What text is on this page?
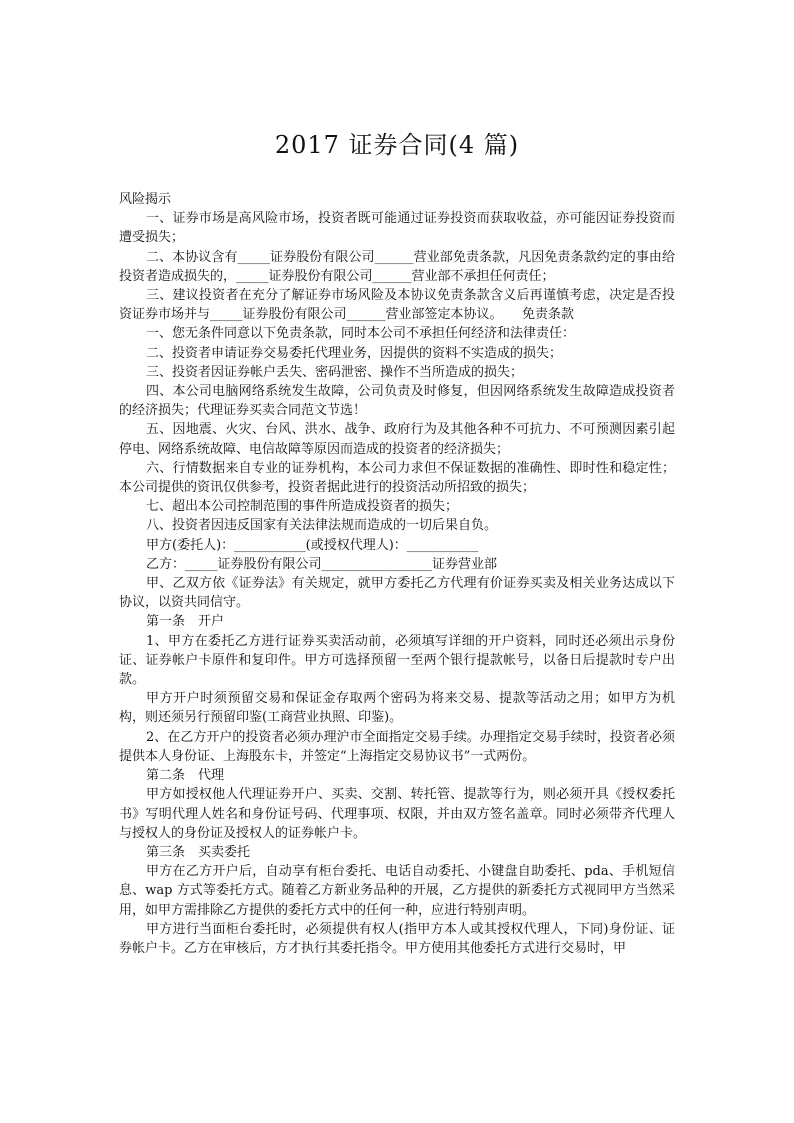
2017 证券合同(4 篇)

风险揭示

一、证券市场是高风险市场，投资者既可能通过证券投资而获取收益，亦可能因证券投资而遭受损失；

二、本协议含有_____证券股份有限公司______营业部免责条款，凡因免责条款约定的事由给投资者造成损失的，_____证券股份有限公司______营业部不承担任何责任；

三、建议投资者在充分了解证券市场风险及本协议免责条款含义后再谨慎考虑，决定是否投资证券市场并与_____证券股份有限公司______营业部签定本协议。　　免责条款

一、您无条件同意以下免责条款，同时本公司不承担任何经济和法律责任：

二、投资者申请证券交易委托代理业务，因提供的资料不实造成的损失；

三、投资者因证券帐户丢失、密码泄密、操作不当所造成的损失；

四、本公司电脑网络系统发生故障，公司负责及时修复，但因网络系统发生故障造成投资者的经济损失；代理证券买卖合同范文节选！

五、因地震、火灾、台风、洪水、战争、政府行为及其他各种不可抗力、不可预测因素引起停电、网络系统故障、电信故障等原因而造成的投资者的经济损失；

六、行情数据来自专业的证券机构，本公司力求但不保证数据的准确性、即时性和稳定性；本公司提供的资讯仅供参考，投资者据此进行的投资活动所招致的损失；

七、超出本公司控制范围的事件所造成投资者的损失；

八、投资者因违反国家有关法律法规而造成的一切后果自负。

甲方(委托人)：___________(或授权代理人)：___________

乙方：_____证券股份有限公司_________________证券营业部

甲、乙双方依《证券法》有关规定，就甲方委托乙方代理有价证券买卖及相关业务达成以下协议，以资共同信守。

第一条　开户

1、甲方在委托乙方进行证券买卖活动前，必须填写详细的开户资料，同时还必须出示身份证、证券帐户卡原件和复印件。甲方可选择预留一至两个银行提款帐号，以备日后提款时专户出款。

甲方开户时须预留交易和保证金存取两个密码为将来交易、提款等活动之用；如甲方为机构，则还须另行预留印鉴(工商营业执照、印鉴)。

2、在乙方开户的投资者必须办理沪市全面指定交易手续。办理指定交易手续时，投资者必须提供本人身份证、上海股东卡，并签定“上海指定交易协议书”一式两份。

第二条　代理

甲方如授权他人代理证券开户、买卖、交割、转托管、提款等行为，则必须开具《授权委托书》写明代理人姓名和身份证号码、代理事项、权限，并由双方签名盖章。同时必须带齐代理人与授权人的身份证及授权人的证券帐户卡。

第三条　买卖委托

甲方在乙方开户后，自动享有柜台委托、电话自动委托、小键盘自助委托、pda、手机短信息、wap 方式等委托方式。随着乙方新业务品种的开展，乙方提供的新委托方式视同甲方当然采用，如甲方需排除乙方提供的委托方式中的任何一种，应进行特别声明。

甲方进行当面柜台委托时，必须提供有权人(指甲方本人或其授权代理人，下同)身份证、证券帐户卡。乙方在审核后，方才执行其委托指令。甲方使用其他委托方式进行交易时，甲
